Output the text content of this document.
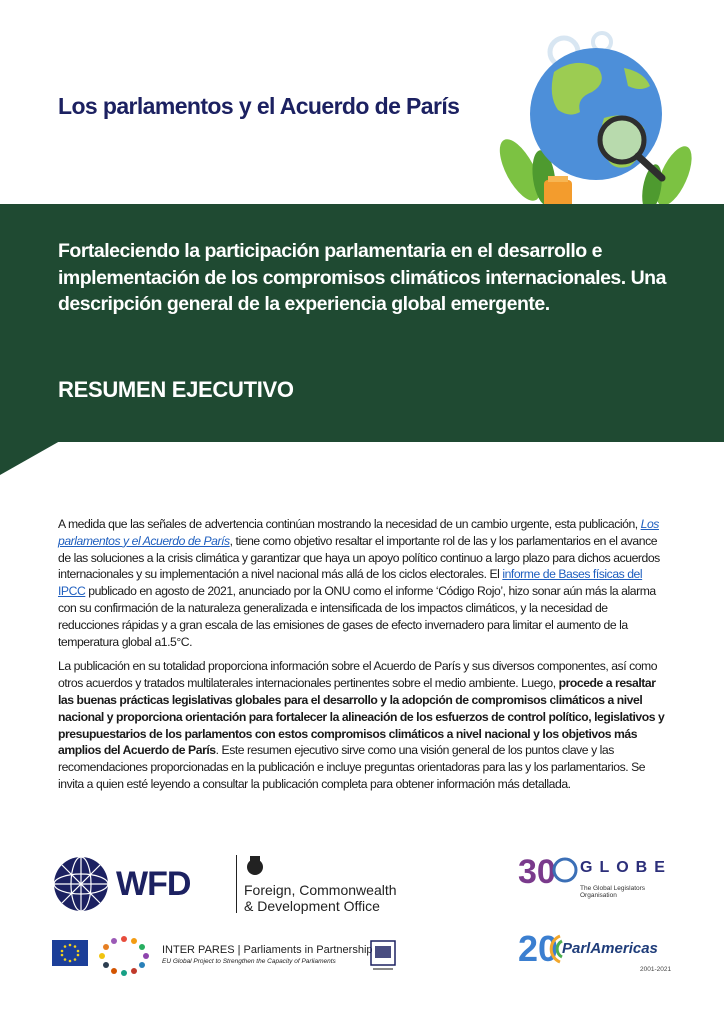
Los parlamentos y el Acuerdo de París
Fortaleciendo la participación parlamentaria en el desarrollo e implementación de los compromisos climáticos internacionales. Una descripción general de la experiencia global emergente.
RESUMEN EJECUTIVO

A medida que las señales de advertencia continúan mostrando la necesidad de un cambio urgente, esta publicación, Los parlamentos y el Acuerdo de París, tiene como objetivo resaltar el importante rol de las y los parlamentarios en el avance de las soluciones a la crisis climática y garantizar que haya un apoyo político continuo a largo plazo para dichos acuerdos internacionales y su implementación a nivel nacional más allá de los ciclos electorales. El informe de Bases físicas del IPCC publicado en agosto de 2021, anunciado por la ONU como el informe ‘Código Rojo’, hizo sonar aún más la alarma con su confirmación de la naturaleza generalizada e intensificada de los impactos climáticos, y la necesidad de reducciones rápidas y a gran escala de las emisiones de gases de efecto invernadero para limitar el aumento de la temperatura global a1.5°C.

La publicación en su totalidad proporciona información sobre el Acuerdo de París y sus diversos componentes, así como otros acuerdos y tratados multilaterales internacionales pertinentes sobre el medio ambiente. Luego, procede a resaltar las buenas prácticas legislativas globales para el desarrollo y la adopción de compromisos climáticos a nivel nacional y proporciona orientación para fortalecer la alineación de los esfuerzos de control político, legislativos y presupuestarios de los parlamentos con estos compromisos climáticos a nivel nacional y los objetivos más amplios del Acuerdo de París. Este resumen ejecutivo sirve como una visión general de los puntos clave y las recomendaciones proporcionadas en la publicación e incluye preguntas orientadoras para las y los parlamentarios. Se invita a quien esté leyendo a consultar la publicación completa para obtener información más detallada.

WFD	Foreign, Commonwealth
& Development Office
30 GLOBE
The Global Legislators Organisation
INTER PARES | Parliaments in Partnership
EU Global Project to Strengthen the Capacity of Parliaments	20 ParlAmericas
2001-2021
